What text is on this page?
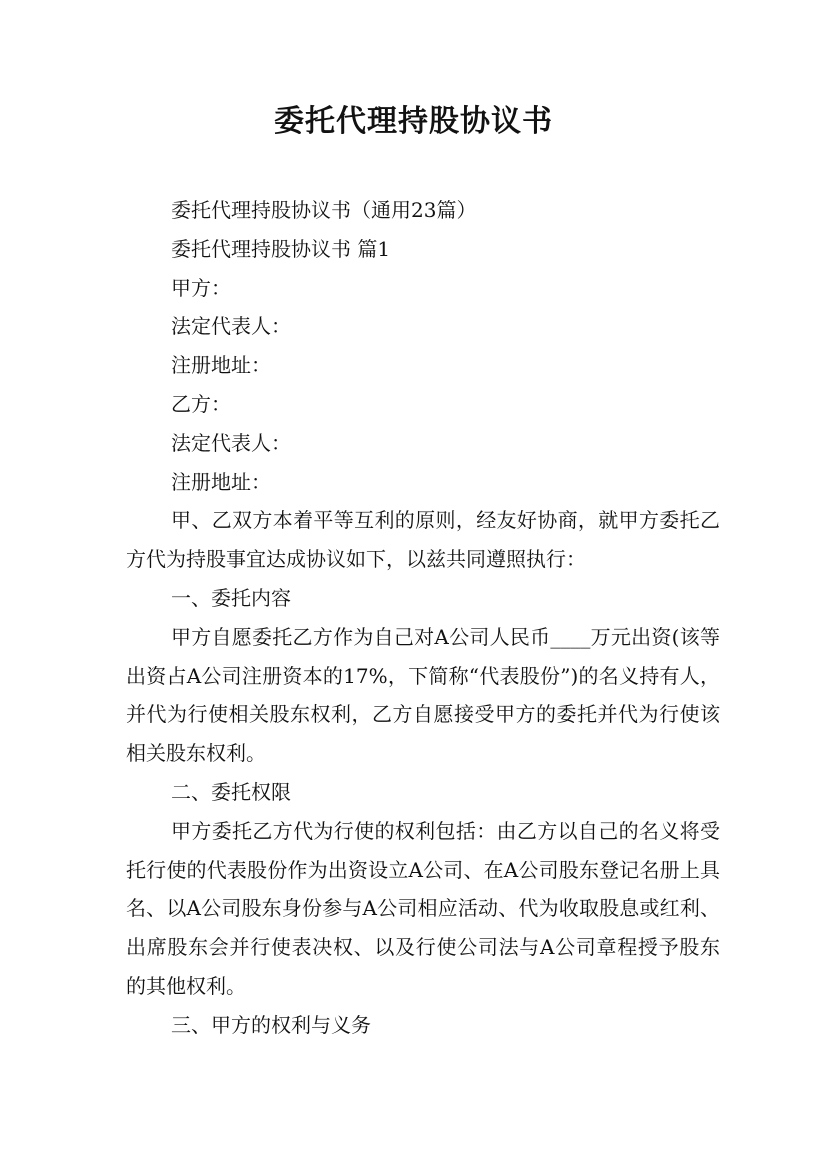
委托代理持股协议书

委托代理持股协议书（通用23篇）

委托代理持股协议书 篇1

甲方：

法定代表人：

注册地址：

乙方：

法定代表人：

注册地址：

甲、乙双方本着平等互利的原则，经友好协商，就甲方委托乙方代为持股事宜达成协议如下，以兹共同遵照执行：

一、委托内容

甲方自愿委托乙方作为自己对A公司人民币____万元出资(该等出资占A公司注册资本的17%，下简称“代表股份”)的名义持有人，并代为行使相关股东权利，乙方自愿接受甲方的委托并代为行使该相关股东权利。

二、委托权限

甲方委托乙方代为行使的权利包括：由乙方以自己的名义将受托行使的代表股份作为出资设立A公司、在A公司股东登记名册上具名、以A公司股东身份参与A公司相应活动、代为收取股息或红利、出席股东会并行使表决权、以及行使公司法与A公司章程授予股东的其他权利。

三、甲方的权利与义务
